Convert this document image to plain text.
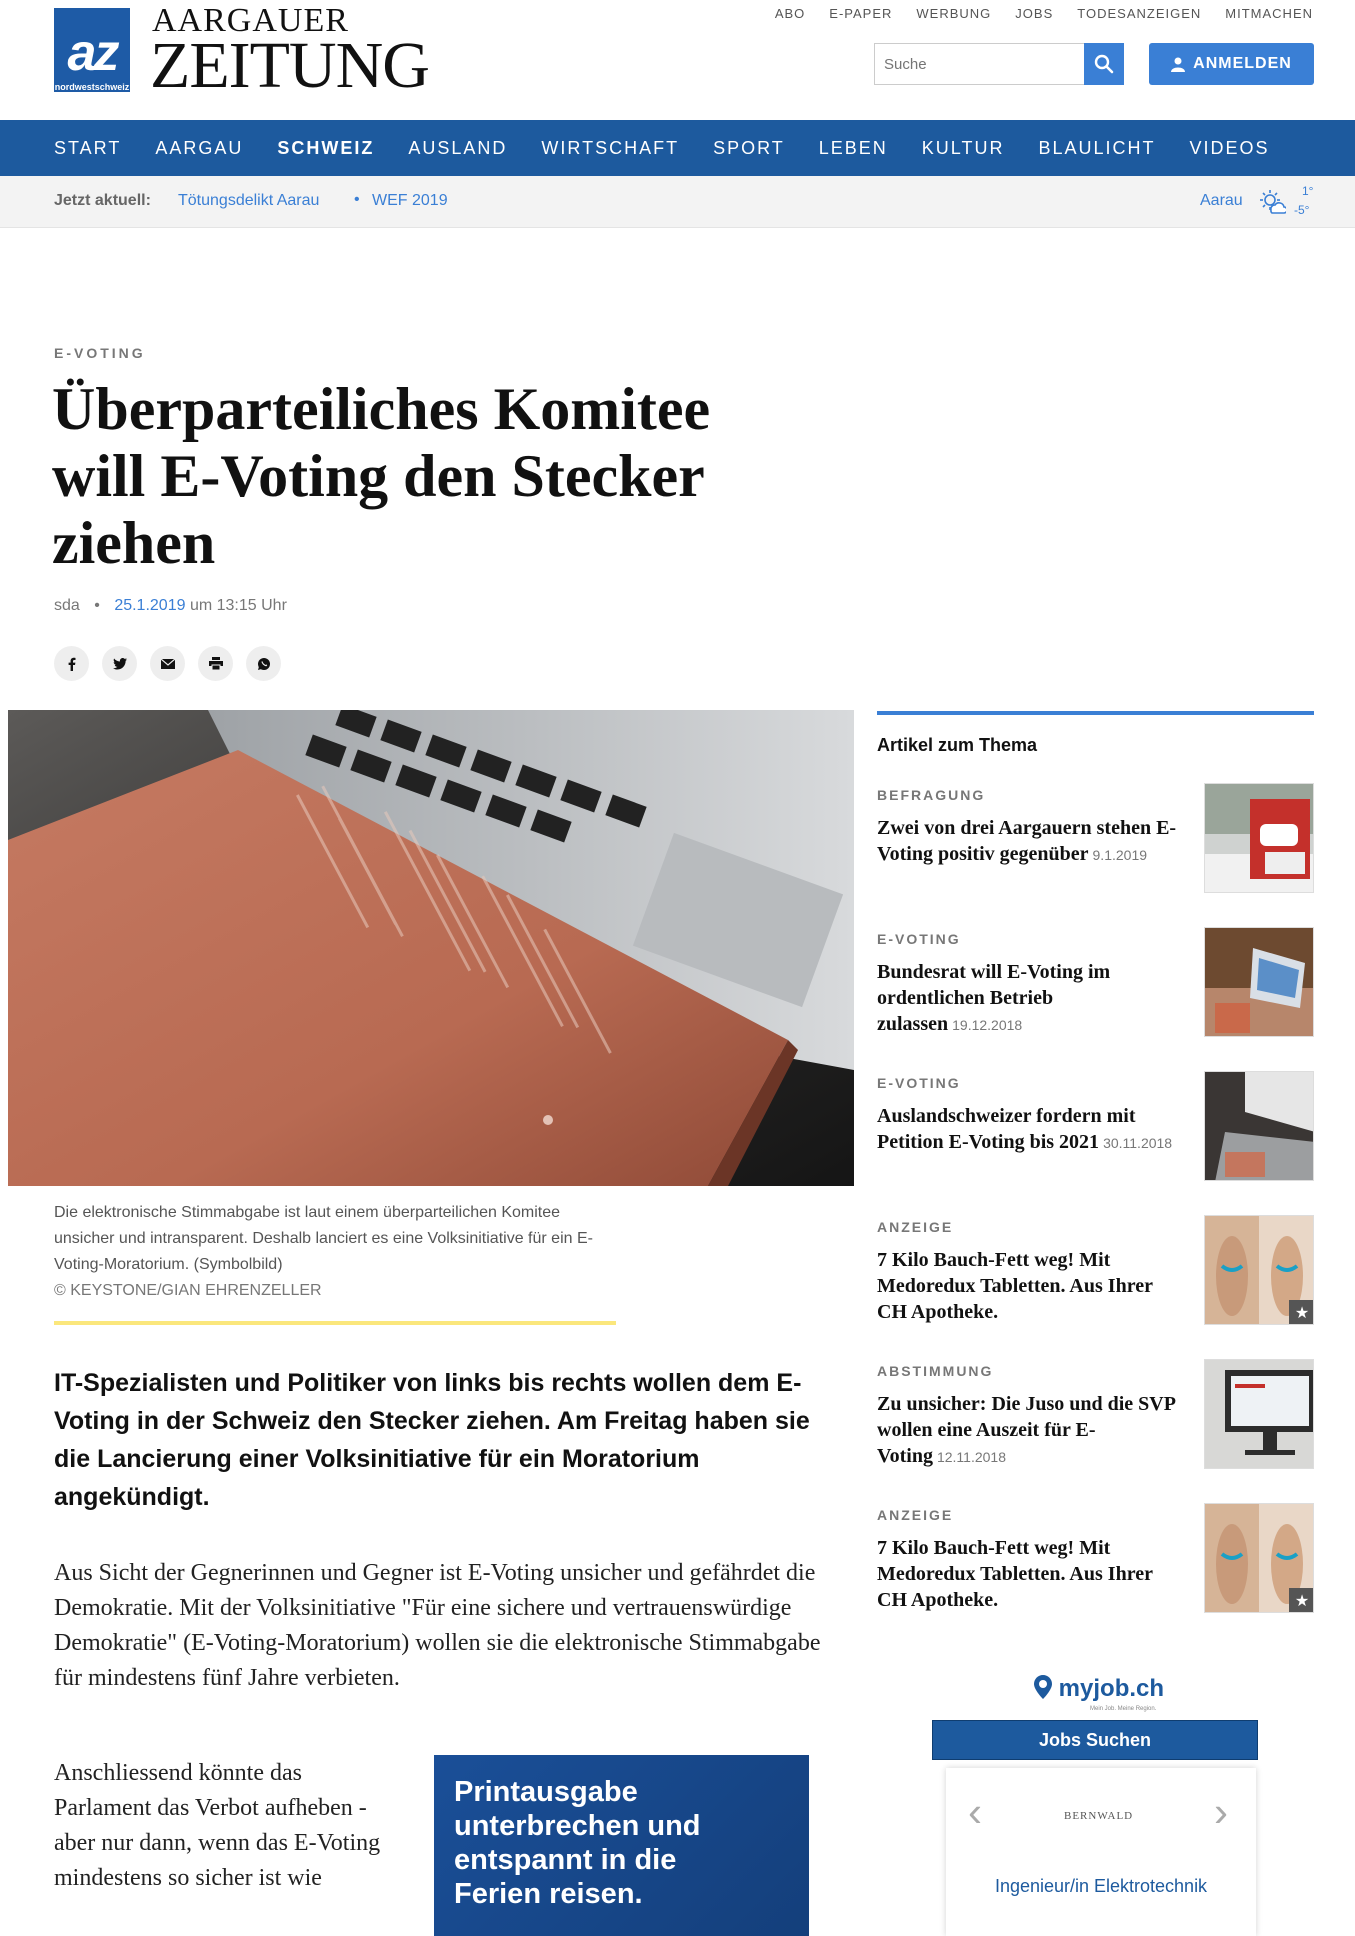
az
nordwestschweiz
AARGAUER
ZEITUNG
ABO E-PAPER WERBUNG JOBS TODESANZEIGEN MITMACHEN
Suche
ANMELDEN
START AARGAU SCHWEIZ AUSLAND WIRTSCHAFT SPORT LEBEN KULTUR BLAULICHT VIDEOS
Jetzt aktuell: Tötungsdelikt Aarau • WEF 2019	Aarau
1°
-5°
E-VOTING
Überparteiliches Komitee will E-Voting den Stecker ziehen
sda • 25.1.2019 um 13:15 Uhr
Die elektronische Stimmabgabe ist laut einem überparteilichen Komitee unsicher und intransparent. Deshalb lanciert es eine Volksinitiative für ein E-Voting-Moratorium. (Symbolbild)
© KEYSTONE/GIAN EHRENZELLER

IT-Spezialisten und Politiker von links bis rechts wollen dem E-Voting in der Schweiz den Stecker ziehen. Am Freitag haben sie die Lancierung einer Volksinitiative für ein Moratorium angekündigt.

Aus Sicht der Gegnerinnen und Gegner ist E-Voting unsicher und gefährdet die Demokratie. Mit der Volksinitiative "Für eine sichere und vertrauenswürdige Demokratie" (E-Voting-Moratorium) wollen sie die elektronische Stimmabgabe für mindestens fünf Jahre verbieten.

Anschliessend könnte das Parlament das Verbot aufheben - aber nur dann, wenn das E-Voting mindestens so sicher ist wie

Printausgabe
unterbrechen und
entspannt in die
Ferien reisen.
Artikel zum Thema
BEFRAGUNG
Zwei von drei Aargauern stehen E-Voting positiv gegenüber 9.1.2019
E-VOTING
Bundesrat will E-Voting im ordentlichen Betrieb zulassen 19.12.2018
E-VOTING
Auslandschweizer fordern mit Petition E-Voting bis 2021 30.11.2018
ANZEIGE
7 Kilo Bauch-Fett weg! Mit Medoredux Tabletten. Aus Ihrer CH Apotheke.	★
ABSTIMMUNG
Zu unsicher: Die Juso und die SVP wollen eine Auszeit für E-Voting 12.11.2018
ANZEIGE
7 Kilo Bauch-Fett weg! Mit Medoredux Tabletten. Aus Ihrer CH Apotheke.	★
myjob.ch
Mein Job. Meine Region.
Jobs Suchen
‹	BERNWALD ›
Ingenieur/in Elektrotechnik
